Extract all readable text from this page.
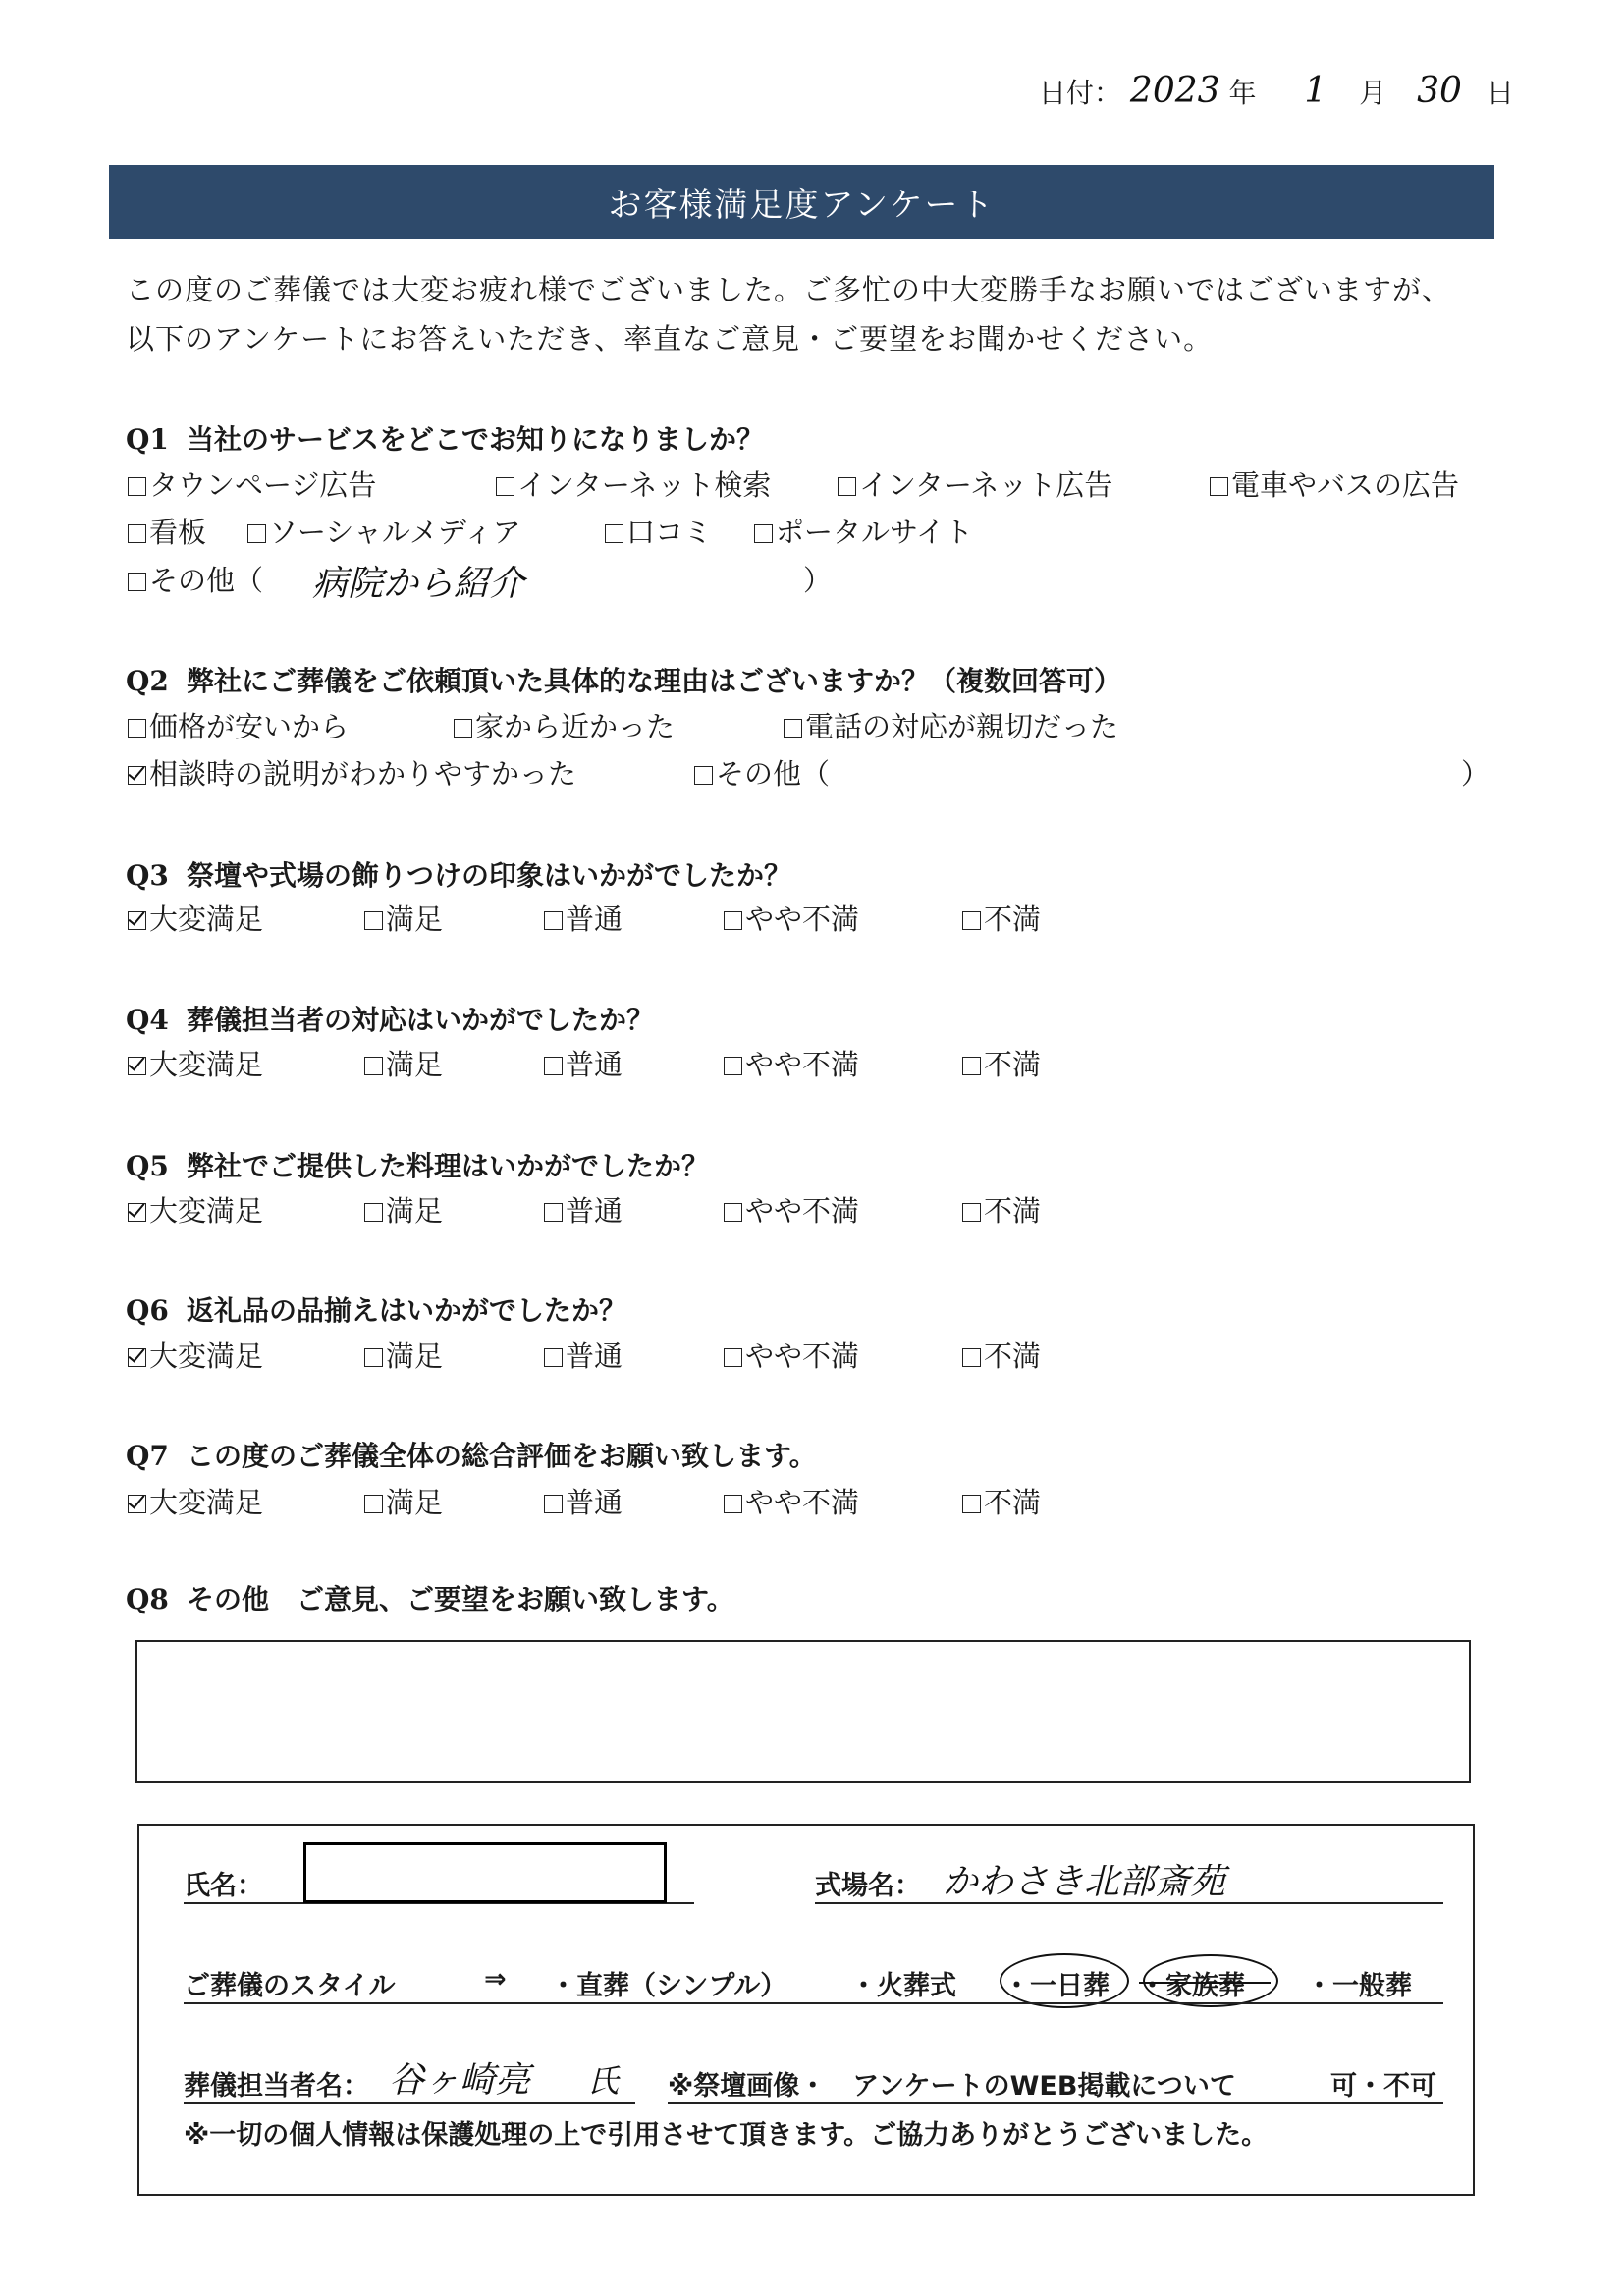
日付： 2023 年 1 月 30 日
お客様満足度アンケート
この度のご葬儀では大変お疲れ様でございました。ご多忙の中大変勝手なお願いではございますが、
以下のアンケートにお答えいただき、率直なご意見・ご要望をお聞かせください。
Q1 当社のサービスをどこでお知りになりましか？
タウンページ広告	インターネット検索	インターネット広告	電車やバスの広告
看板	ソーシャルメディア	口コミ	ポータルサイト
その他（ 病院から紹介	）
Q2 弊社にご葬儀をご依頼頂いた具体的な理由はございますか？（複数回答可）
価格が安いから	家から近かった	電話の対応が親切だった
相談時の説明がわかりやすかった	その他（	）
Q3 祭壇や式場の飾りつけの印象はいかがでしたか？
大変満足	満足	普通	やや不満	不満
Q4 葬儀担当者の対応はいかがでしたか？
大変満足	満足	普通	やや不満	不満
Q5 弊社でご提供した料理はいかがでしたか？
大変満足	満足	普通	やや不満	不満
Q6 返礼品の品揃えはいかがでしたか？
大変満足	満足	普通	やや不満	不満
Q7 この度のご葬儀全体の総合評価をお願い致します。
大変満足	満足	普通	やや不満	不満
Q8 その他　ご意見、ご要望をお願い致します。
氏名：	式場名： かわさき北部斎苑
ご葬儀のスタイル	⇒ ・直葬（シンプル） ・火葬式 ・一日葬 ・家族葬 ・一般葬
葬儀担当者名： 谷ヶ崎亮 氏 ※祭壇画像・　アンケートのWEB掲載について	可・不可
※一切の個人情報は保護処理の上で引用させて頂きます。ご協力ありがとうございました。
